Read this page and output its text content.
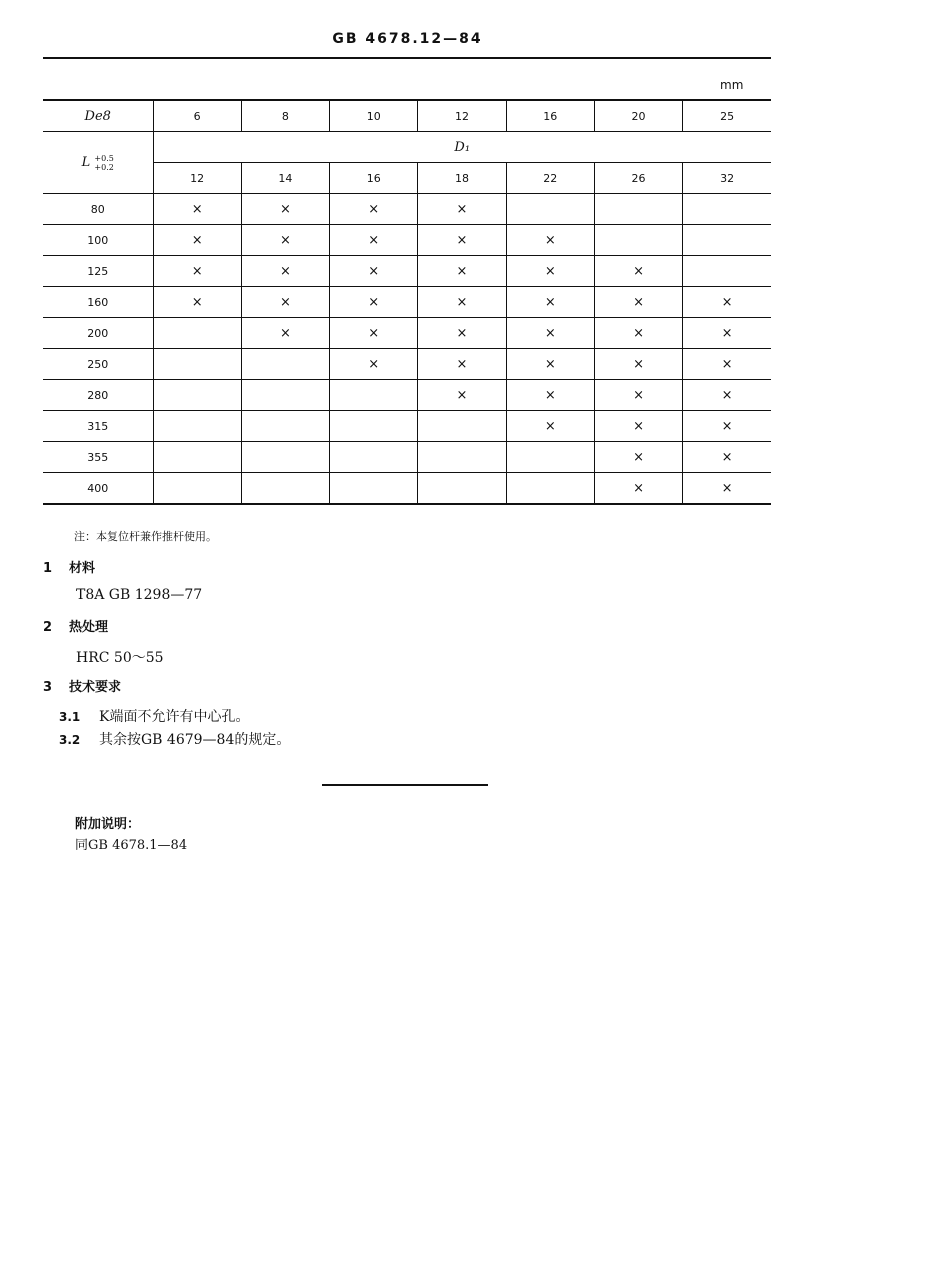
GB 4678.12—84
mm
De8	6	8	10	12	16	20	25
L +0.5
+0.2	D₁						
	12	14	16	18	22	26	32
80	×	×	×	×			
100	×	×	×	×	×		
125	×	×	×	×	×	×	
160	×	×	×	×	×	×	×
200		×	×	×	×	×	×
250			×	×	×	×	×
280				×	×	×	×
315					×	×	×
355						×	×
400						×	×
注：本复位杆兼作推杆使用。
1 材料
T8A GB 1298—77
2 热处理
HRC 50～55
3 技术要求
3.1 K端面不允许有中心孔。
3.2 其余按GB 4679—84的规定。
附加说明：
同GB 4678.1—84
